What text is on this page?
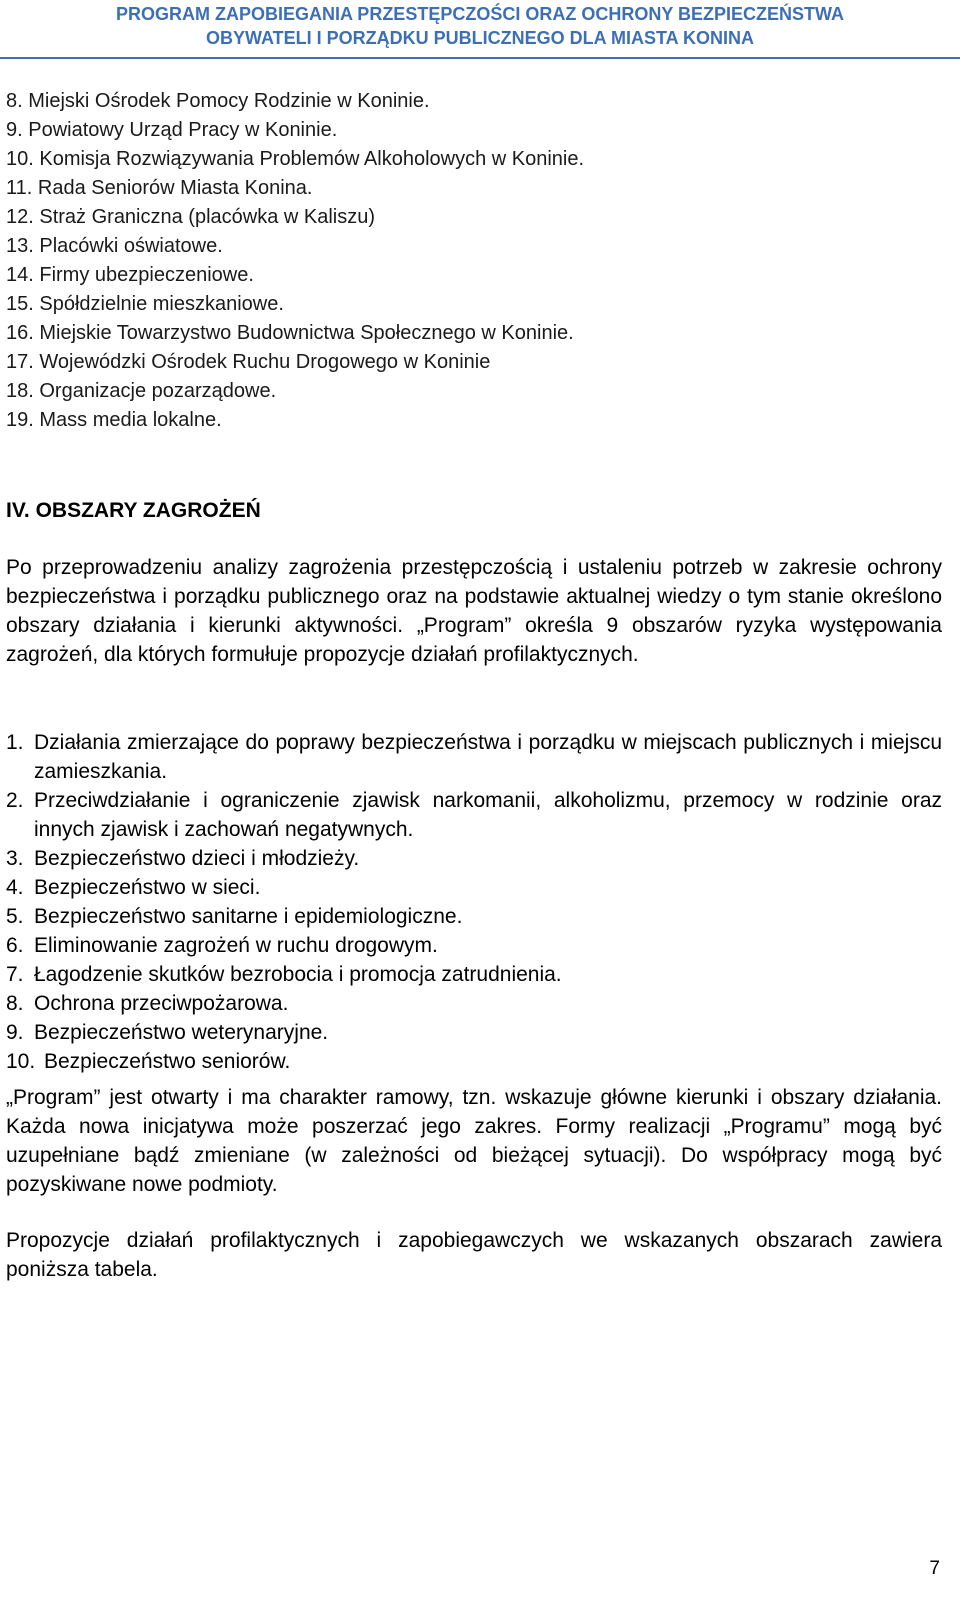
PROGRAM ZAPOBIEGANIA PRZESTĘPCZOŚCI ORAZ OCHRONY BEZPIECZEŃSTWA
OBYWATELI I PORZĄDKU PUBLICZNEGO DLA MIASTA KONINA
8. Miejski Ośrodek Pomocy Rodzinie w Koninie.
9. Powiatowy Urząd Pracy w Koninie.
10. Komisja Rozwiązywania Problemów Alkoholowych w Koninie.
11. Rada Seniorów Miasta Konina.
12. Straż Graniczna (placówka w Kaliszu)
13. Placówki oświatowe.
14. Firmy ubezpieczeniowe.
15. Spółdzielnie mieszkaniowe.
16. Miejskie Towarzystwo Budownictwa Społecznego w Koninie.
17. Wojewódzki Ośrodek Ruchu Drogowego w Koninie
18. Organizacje pozarządowe.
19. Mass media lokalne.
IV. OBSZARY ZAGROŻEŃ
Po przeprowadzeniu analizy zagrożenia przestępczością i ustaleniu potrzeb w zakresie ochrony bezpieczeństwa i porządku publicznego oraz na podstawie aktualnej wiedzy o tym stanie określono obszary działania i kierunki aktywności. „Program” określa 9 obszarów ryzyka występowania zagrożeń, dla których formułuje propozycje działań profilaktycznych.
1. Działania zmierzające do poprawy bezpieczeństwa i porządku w miejscach publicznych i miejscu zamieszkania.
2. Przeciwdziałanie i ograniczenie zjawisk narkomanii, alkoholizmu, przemocy w rodzinie oraz innych zjawisk i zachowań negatywnych.
3. Bezpieczeństwo dzieci i młodzieży.
4. Bezpieczeństwo w sieci.
5. Bezpieczeństwo sanitarne i epidemiologiczne.
6. Eliminowanie zagrożeń w ruchu drogowym.
7. Łagodzenie skutków bezrobocia i promocja zatrudnienia.
8. Ochrona przeciwpożarowa.
9. Bezpieczeństwo weterynaryjne.
10. Bezpieczeństwo seniorów.
„Program” jest otwarty i ma charakter ramowy, tzn. wskazuje główne kierunki i obszary działania. Każda nowa inicjatywa może poszerzać jego zakres. Formy realizacji „Programu” mogą być uzupełniane bądź zmieniane (w zależności od bieżącej sytuacji). Do współpracy mogą być pozyskiwane nowe podmioty.
Propozycje działań profilaktycznych i zapobiegawczych we wskazanych obszarach zawiera poniższa tabela.
7
